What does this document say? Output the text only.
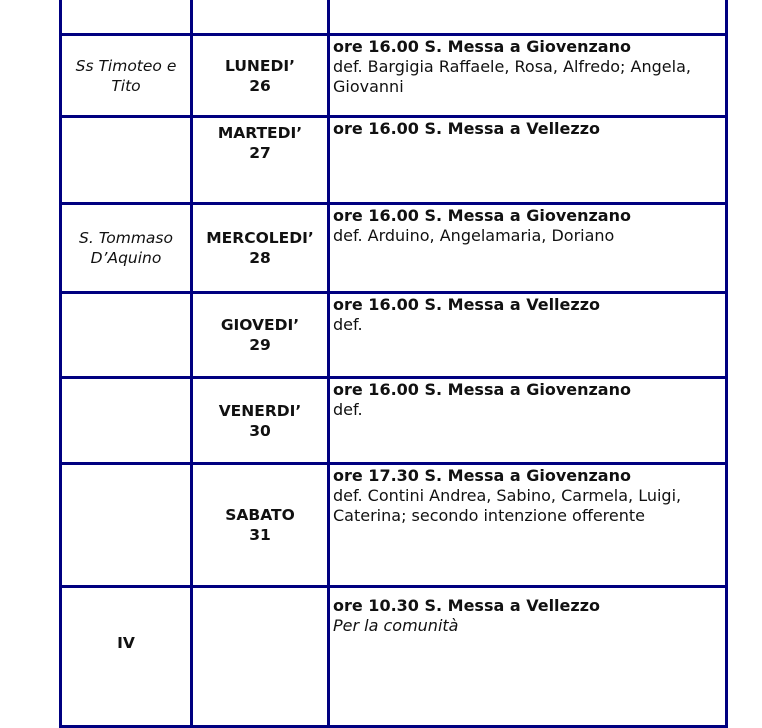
Ss Timoteo e Tito	LUNEDI’
26	ore 16.00 S. Messa a Giovenzano
def. Bargigia Raffaele, Rosa, Alfredo; Angela, Giovanni

	MARTEDI’
27	ore 16.00 S. Messa a Vellezzo

S. Tommaso D’Aquino	MERCOLEDI’
28	ore 16.00 S. Messa a Giovenzano
def. Arduino, Angelamaria, Doriano

	GIOVEDI’
29	ore 16.00 S. Messa a Vellezzo
def.

	VENERDI’
30	ore 16.00 S. Messa a Giovenzano
def.

	SABATO
31	ore 17.30 S. Messa a Giovenzano
def. Contini Andrea, Sabino, Carmela, Luigi, Caterina; secondo intenzione offerente

IV		ore 10.30 S. Messa a Vellezzo
Per la comunità
